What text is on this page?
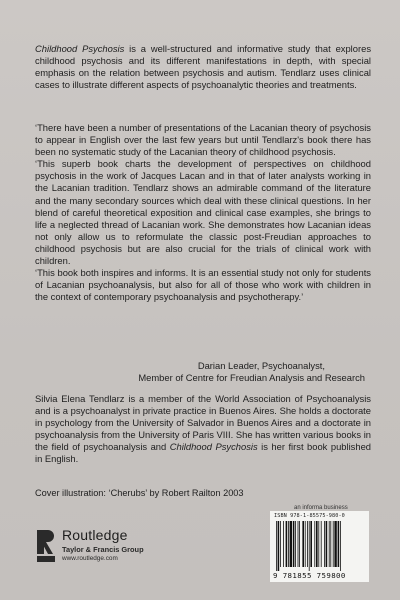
Childhood Psychosis is a well-structured and informative study that explores childhood psychosis and its different manifestations in depth, with special emphasis on the relation between psychosis and autism. Tendlarz uses clinical cases to illustrate different aspects of psychoanalytic theories and treatments.

‘There have been a number of presentations of the Lacanian theory of psychosis to appear in English over the last few years but until Tendlarz's book there has been no systematic study of the Lacanian theory of childhood psychosis.

‘This superb book charts the development of perspectives on childhood psychosis in the work of Jacques Lacan and in that of later analysts working in the Lacanian tradition. Tendlarz shows an admirable command of the literature and the many secondary sources which deal with these clinical questions. In her blend of careful theoretical exposition and clinical case examples, she brings to life a neglected thread of Lacanian work. She demonstrates how Lacanian ideas not only allow us to reformulate the classic post-Freudian approaches to childhood psychosis but are also crucial for the trials of clinical work with children.

‘This book both inspires and informs. It is an essential study not only for students of Lacanian psychoanalysis, but also for all of those who work with children in the context of contemporary psychoanalysis and psychotherapy.’

Darian Leader, Psychoanalyst,

Member of Centre for Freudian Analysis and Research

Silvia Elena Tendlarz is a member of the World Association of Psychoanalysis and is a psychoanalyst in private practice in Buenos Aires. She holds a doctorate in psychology from the University of Salvador in Buenos Aires and a doctorate in psychoanalysis from the University of Paris VIII. She has written various books in the field of psychoanalysis and Childhood Psychosis is her first book published in English.

Cover illustration: ‘Cherubs’ by Robert Railton 2003
Routledge
Taylor & Francis Group
www.routledge.com
an informa business
ISBN 978-1-85575-980-0
9 781855 759800
